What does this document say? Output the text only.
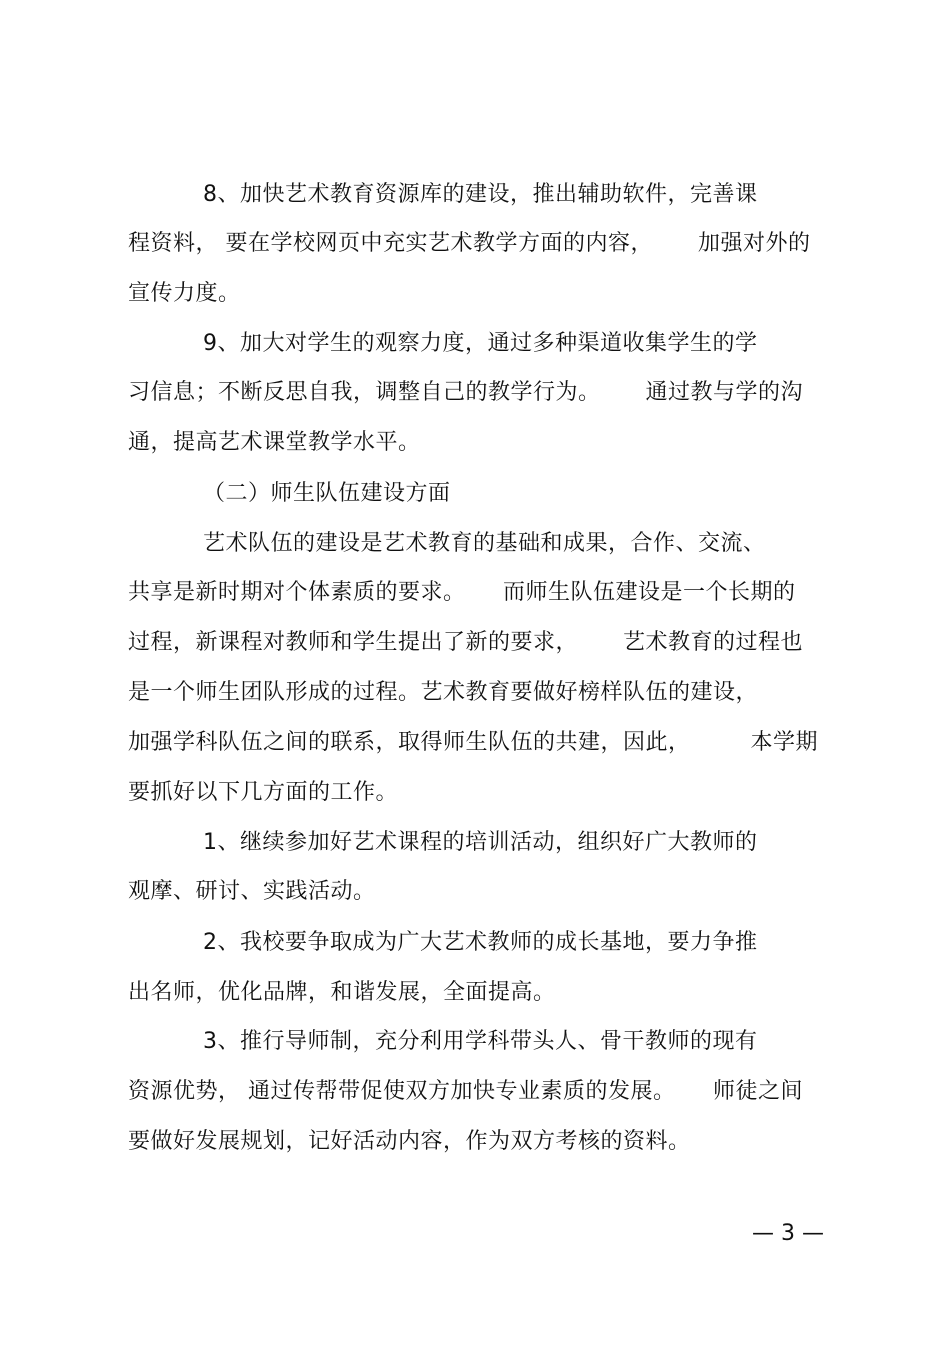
8、加快艺术教育资源库的建设，推出辅助软件，完善课
程资料， 要在学校网页中充实艺术教学方面的内容，      加强对外的
宣传力度。
9、加大对学生的观察力度，通过多种渠道收集学生的学
习信息；不断反思自我，调整自己的教学行为。      通过教与学的沟
通，提高艺术课堂教学水平。
（二）师生队伍建设方面
艺术队伍的建设是艺术教育的基础和成果，合作、交流、
共享是新时期对个体素质的要求。     而师生队伍建设是一个长期的
过程，新课程对教师和学生提出了新的要求，      艺术教育的过程也
是一个师生团队形成的过程。艺术教育要做好榜样队伍的建设，
加强学科队伍之间的联系，取得师生队伍的共建，因此，        本学期
要抓好以下几方面的工作。
1、继续参加好艺术课程的培训活动，组织好广大教师的
观摩、研讨、实践活动。
2、我校要争取成为广大艺术教师的成长基地，要力争推
出名师，优化品牌，和谐发展，全面提高。
3、推行导师制，充分利用学科带头人、骨干教师的现有
资源优势， 通过传帮带促使双方加快专业素质的发展。     师徒之间
要做好发展规划，记好活动内容，作为双方考核的资料。
— 3 —
